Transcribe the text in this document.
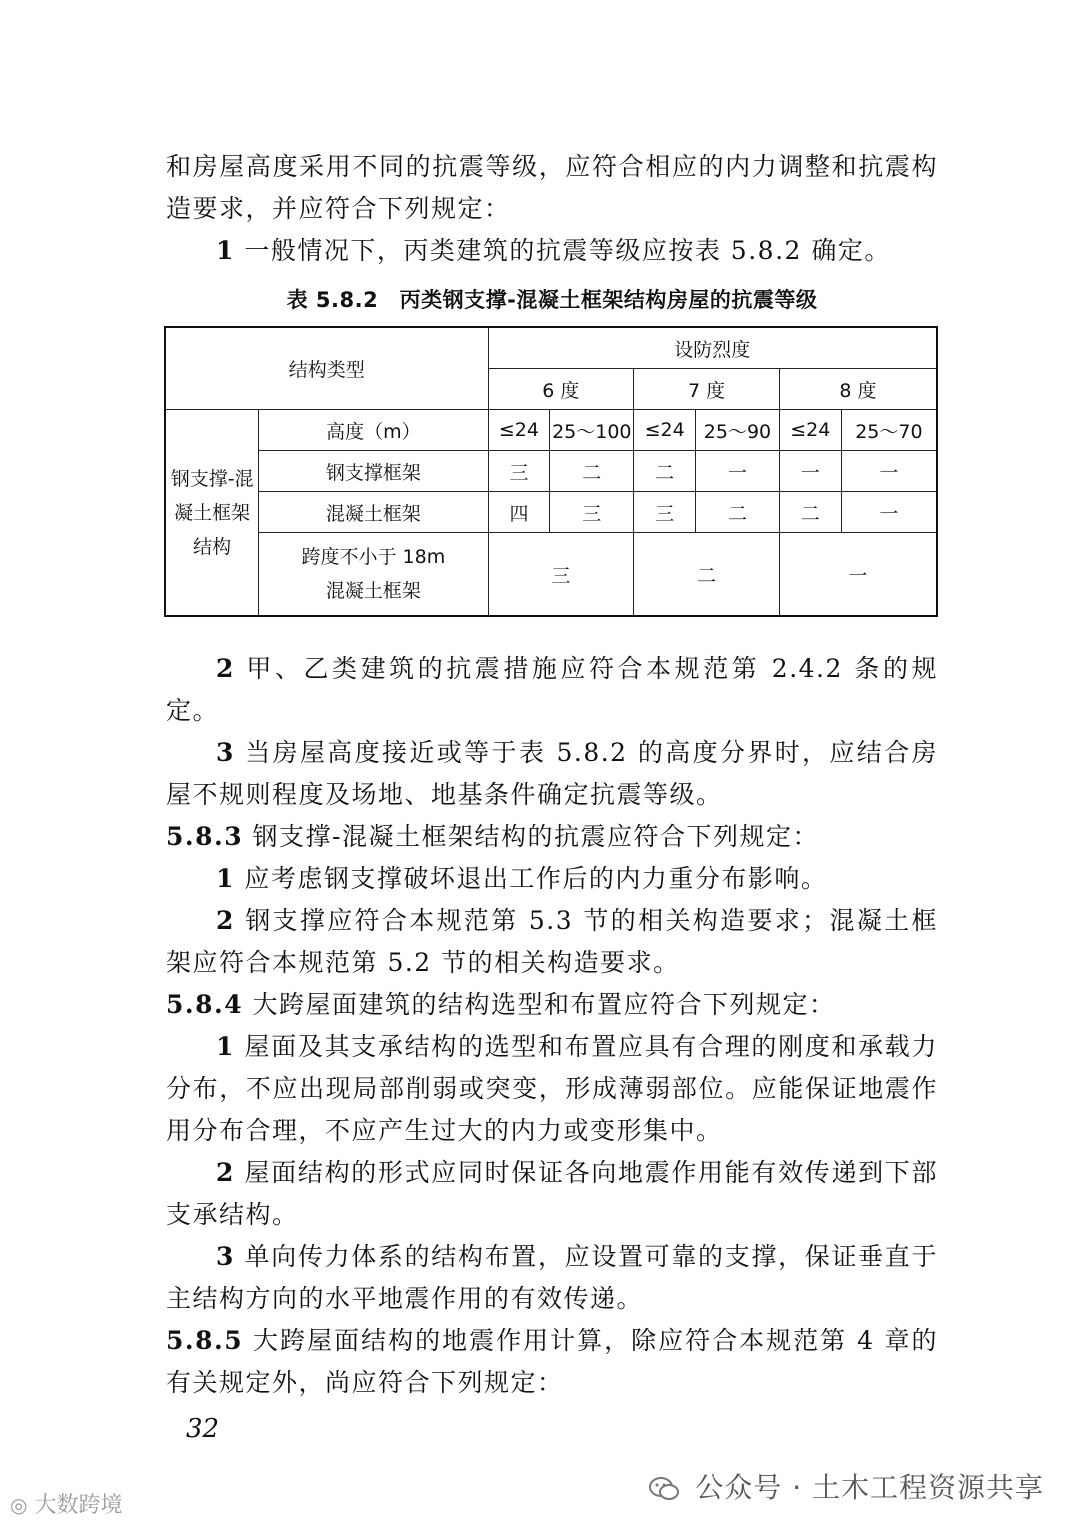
和房屋高度采用不同的抗震等级，应符合相应的内力调整和抗震构造要求，并应符合下列规定：

1 一般情况下，丙类建筑的抗震等级应按表 5.8.2 确定。

表 5.8.2　丙类钢支撑-混凝土框架结构房屋的抗震等级
结构类型		设防烈度					
		6 度		7 度		8 度	
钢支撑-混凝土框架结构	高度（m）	≤24	25～100	≤24	25～90	≤24	25～70
	钢支撑框架	三	二	二	一	一	一
	混凝土框架	四	三	三	二	二	一

	跨度不小于 18m
混凝土框架	三		二		一	

2 甲、乙类建筑的抗震措施应符合本规范第 2.4.2 条的规定。

3 当房屋高度接近或等于表 5.8.2 的高度分界时，应结合房屋不规则程度及场地、地基条件确定抗震等级。

5.8.3 钢支撑-混凝土框架结构的抗震应符合下列规定：

1 应考虑钢支撑破坏退出工作后的内力重分布影响。

2 钢支撑应符合本规范第 5.3 节的相关构造要求；混凝土框架应符合本规范第 5.2 节的相关构造要求。

5.8.4 大跨屋面建筑的结构选型和布置应符合下列规定：

1 屋面及其支承结构的选型和布置应具有合理的刚度和承载力分布，不应出现局部削弱或突变，形成薄弱部位。应能保证地震作用分布合理，不应产生过大的内力或变形集中。

2 屋面结构的形式应同时保证各向地震作用能有效传递到下部支承结构。

3 单向传力体系的结构布置，应设置可靠的支撑，保证垂直于主结构方向的水平地震作用的有效传递。

5.8.5 大跨屋面结构的地震作用计算，除应符合本规范第 4 章的有关规定外，尚应符合下列规定：

32
◎ 大数跨境
公众号 · 土木工程资源共享
